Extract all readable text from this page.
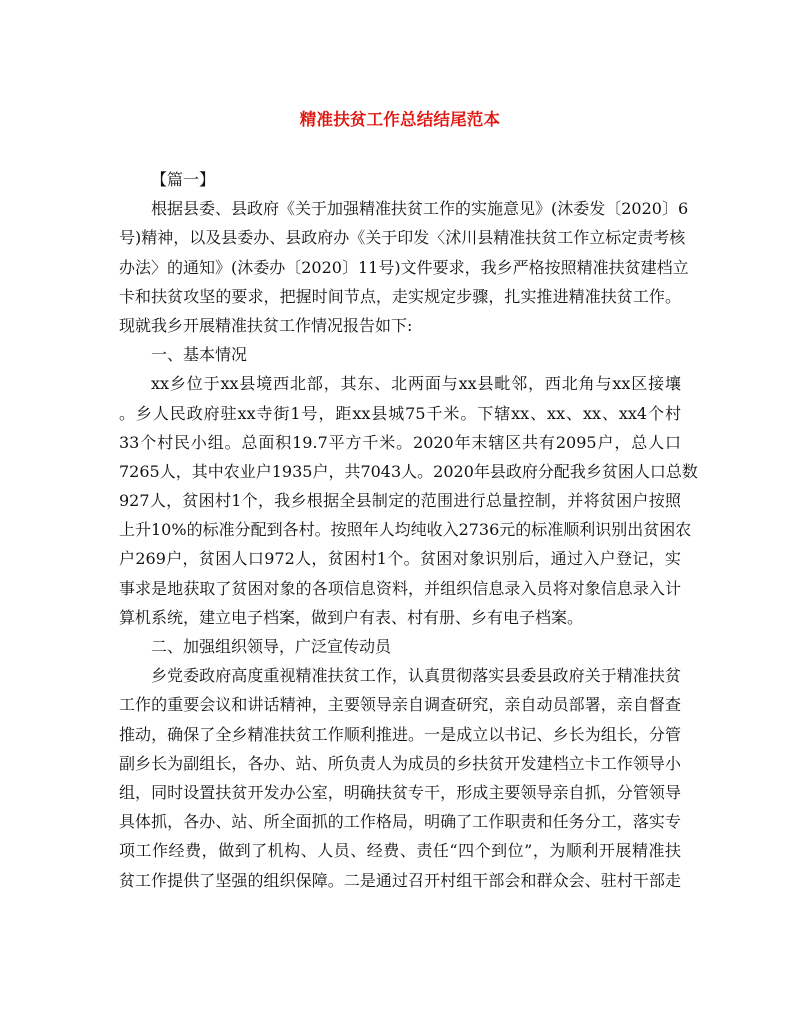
精准扶贫工作总结结尾范本
【篇一】
根据县委、县政府《关于加强精准扶贫工作的实施意见》(沐委发〔2020〕6
号)精神，以及县委办、县政府办《关于印发〈沭川县精准扶贫工作立标定责考核
办法〉的通知》(沐委办〔2020〕11号)文件要求，我乡严格按照精准扶贫建档立
卡和扶贫攻坚的要求，把握时间节点，走实规定步骤，扎实推进精准扶贫工作。
现就我乡开展精准扶贫工作情况报告如下:
一、基本情况
xx乡位于xx县境西北部，其东、北两面与xx县毗邻，西北角与xx区接壤
。乡人民政府驻xx寺街1号，距xx县城75千米。下辖xx、xx、xx、xx4个村
33个村民小组。总面积19.7平方千米。2020年末辖区共有2095户，总人口
7265人，其中农业户1935户，共7043人。2020年县政府分配我乡贫困人口总数
927人，贫困村1个，我乡根据全县制定的范围进行总量控制，并将贫困户按照
上升10%的标准分配到各村。按照年人均纯收入2736元的标准顺利识别出贫困农
户269户，贫困人口972人，贫困村1个。贫困对象识别后，通过入户登记，实
事求是地获取了贫困对象的各项信息资料，并组织信息录入员将对象信息录入计
算机系统，建立电子档案，做到户有表、村有册、乡有电子档案。
二、加强组织领导，广泛宣传动员
乡党委政府高度重视精准扶贫工作，认真贯彻落实县委县政府关于精准扶贫
工作的重要会议和讲话精神，主要领导亲自调查研究，亲自动员部署，亲自督查
推动，确保了全乡精准扶贫工作顺利推进。一是成立以书记、乡长为组长，分管
副乡长为副组长，各办、站、所负责人为成员的乡扶贫开发建档立卡工作领导小
组，同时设置扶贫开发办公室，明确扶贫专干，形成主要领导亲自抓，分管领导
具体抓，各办、站、所全面抓的工作格局，明确了工作职责和任务分工，落实专
项工作经费，做到了机构、人员、经费、责任“四个到位”，为顺利开展精准扶
贫工作提供了坚强的组织保障。二是通过召开村组干部会和群众会、驻村干部走
